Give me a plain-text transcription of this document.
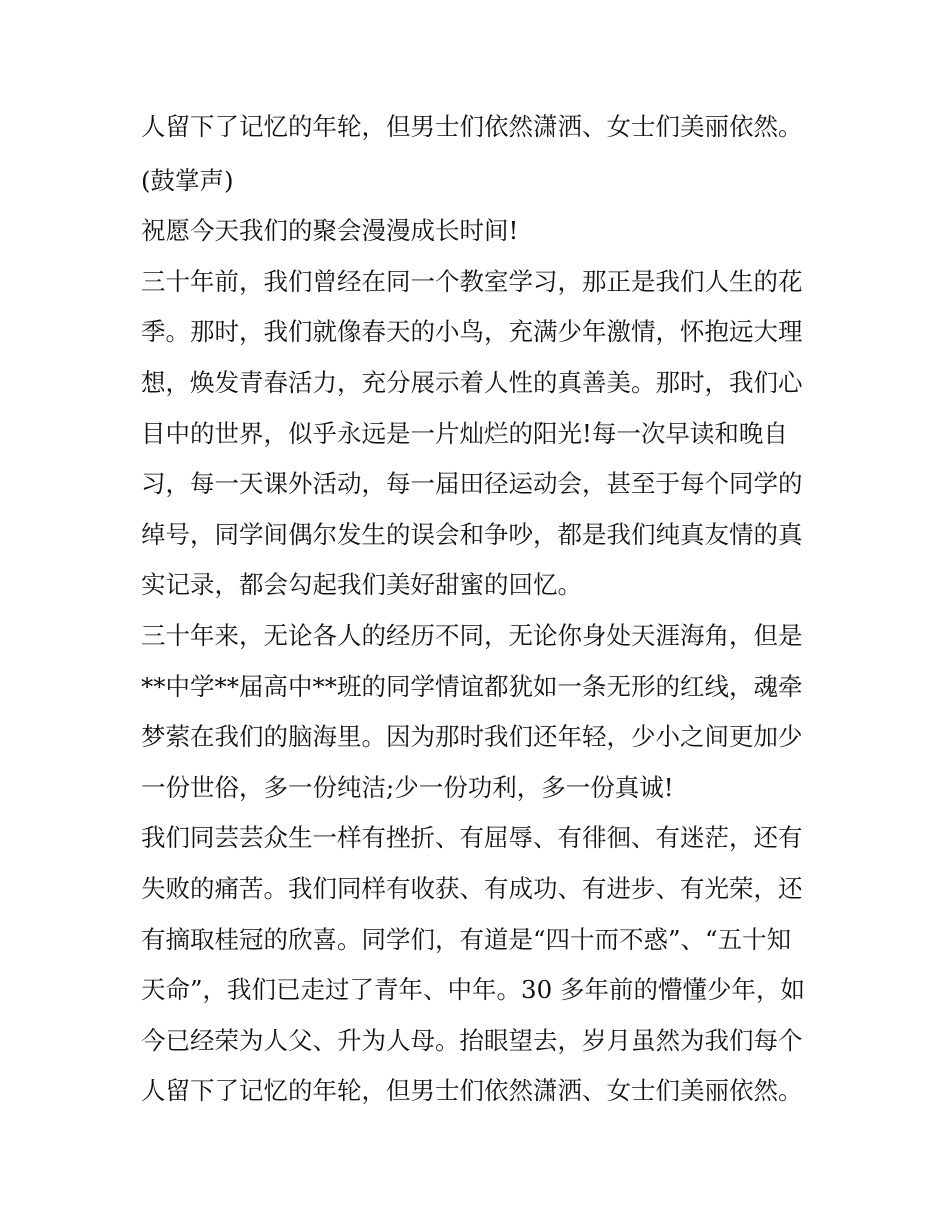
人留下了记忆的年轮，但男士们依然潇洒、女士们美丽依然。
(鼓掌声)
祝愿今天我们的聚会漫漫成长时间!
三十年前，我们曾经在同一个教室学习，那正是我们人生的花
季。那时，我们就像春天的小鸟，充满少年激情，怀抱远大理
想，焕发青春活力，充分展示着人性的真善美。那时，我们心
目中的世界，似乎永远是一片灿烂的阳光!每一次早读和晚自
习，每一天课外活动，每一届田径运动会，甚至于每个同学的
绰号，同学间偶尔发生的误会和争吵，都是我们纯真友情的真
实记录，都会勾起我们美好甜蜜的回忆。
三十年来，无论各人的经历不同，无论你身处天涯海角，但是
**中学**届高中**班的同学情谊都犹如一条无形的红线，魂牵
梦萦在我们的脑海里。因为那时我们还年轻，少小之间更加少
一份世俗，多一份纯洁;少一份功利，多一份真诚!
我们同芸芸众生一样有挫折、有屈辱、有徘徊、有迷茫，还有
失败的痛苦。我们同样有收获、有成功、有进步、有光荣，还
有摘取桂冠的欣喜。同学们，有道是“四十而不惑”、“五十知
天命”，我们已走过了青年、中年。30 多年前的懵懂少年，如
今已经荣为人父、升为人母。抬眼望去，岁月虽然为我们每个
人留下了记忆的年轮，但男士们依然潇洒、女士们美丽依然。
